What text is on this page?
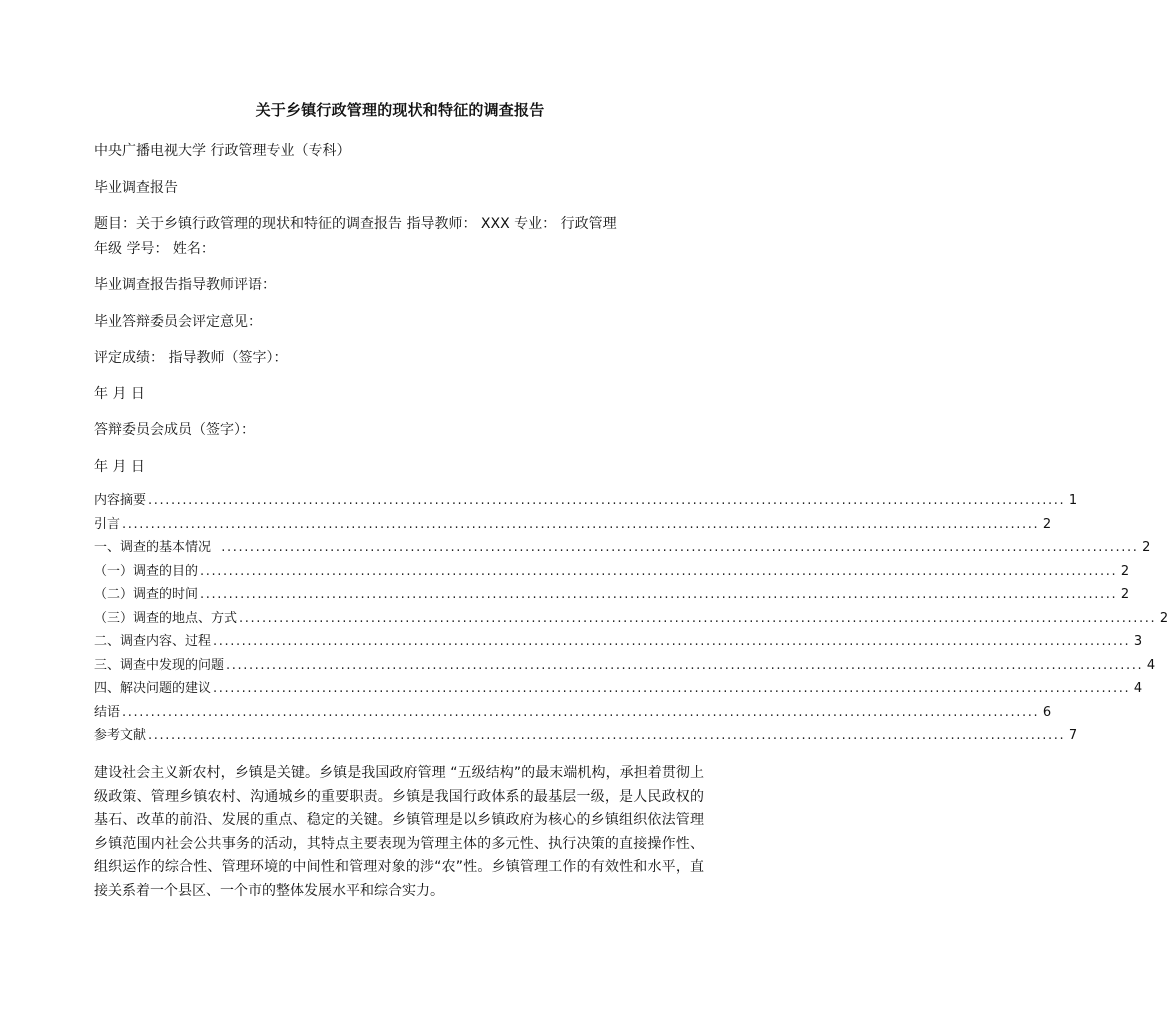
关于乡镇行政管理的现状和特征的调查报告
中央广播电视大学 行政管理专业（专科）
毕业调查报告
题目：关于乡镇行政管理的现状和特征的调查报告 指导教师： XXX 专业： 行政管理
年级 学号： 姓名：
毕业调查报告指导教师评语：
毕业答辩委员会评定意见：
评定成绩： 指导教师（签字）：
年 月 日
答辩委员会成员（签字）：
年 月 日
内容摘要 ................................................................................................................................................................ 1
引言 ................................................................................................................................................................ 2
一、调查的基本情况 ................................................................................................................................................................ 2
（一）调查的目的 ................................................................................................................................................................ 2
（二）调查的时间 ................................................................................................................................................................ 2
（三）调查的地点、方式 ................................................................................................................................................................ 2
二、调查内容、过程 ................................................................................................................................................................ 3
三、调查中发现的问题 ................................................................................................................................................................ 4
四、解决问题的建议 ................................................................................................................................................................ 4
结语 ................................................................................................................................................................ 6
参考文献 ................................................................................................................................................................ 7
建设社会主义新农村，乡镇是关键。乡镇是我国政府管理 “五级结构”的最末端机构，承担着贯彻上级政策、管理乡镇农村、沟通城乡的重要职责。乡镇是我国行政体系的最基层一级，是人民政权的基石、改革的前沿、发展的重点、稳定的关键。乡镇管理是以乡镇政府为核心的乡镇组织依法管理乡镇范围内社会公共事务的活动，其特点主要表现为管理主体的多元性、执行决策的直接操作性、组织运作的综合性、管理环境的中间性和管理对象的涉“农”性。乡镇管理工作的有效性和水平，直接关系着一个县区、一个市的整体发展水平和综合实力。
